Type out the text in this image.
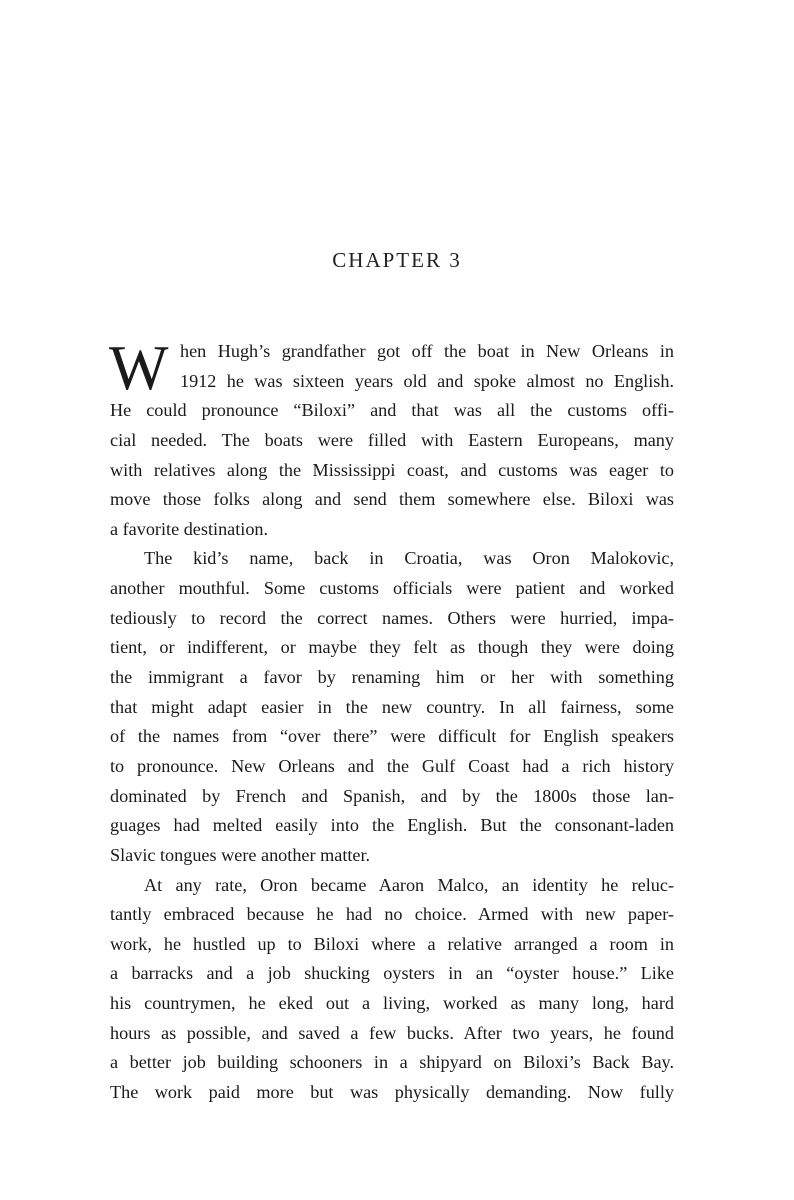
CHAPTER 3
W hen Hugh’s grandfather got off the boat in New Orleans in
1912 he was sixteen years old and spoke almost no English.
He could pronounce “Biloxi” and that was all the customs offi-
cial needed. The boats were filled with Eastern Europeans, many
with relatives along the Mississippi coast, and customs was eager to
move those folks along and send them somewhere else. Biloxi was
a favorite destination.
The kid’s name, back in Croatia, was Oron Malokovic,
another mouthful. Some customs officials were patient and worked
tediously to record the correct names. Others were hurried, impa-
tient, or indifferent, or maybe they felt as though they were doing
the immigrant a favor by renaming him or her with something
that might adapt easier in the new country. In all fairness, some
of the names from “over there” were difficult for English speakers
to pronounce. New Orleans and the Gulf Coast had a rich history
dominated by French and Spanish, and by the 1800s those lan-
guages had melted easily into the English. But the consonant-laden
Slavic tongues were another matter.
At any rate, Oron became Aaron Malco, an identity he reluc-
tantly embraced because he had no choice. Armed with new paper-
work, he hustled up to Biloxi where a relative arranged a room in
a barracks and a job shucking oysters in an “oyster house.” Like
his countrymen, he eked out a living, worked as many long, hard
hours as possible, and saved a few bucks. After two years, he found
a better job building schooners in a shipyard on Biloxi’s Back Bay.
The work paid more but was physically demanding. Now fully
